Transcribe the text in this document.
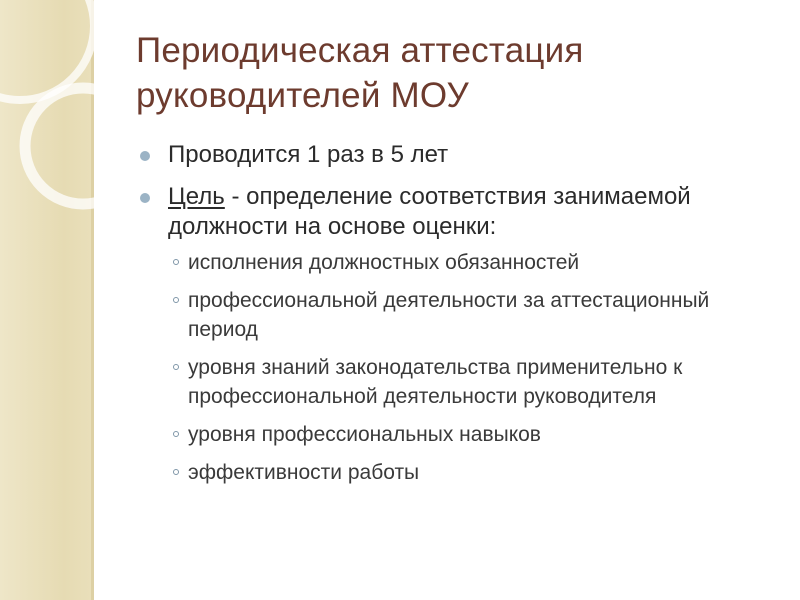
Периодическая аттестация
руководителей МОУ

Проводится 1 раз в 5 лет

Цель - определение соответствия занимаемой должности на основе оценки:

исполнения должностных обязанностей
профессиональной деятельности за аттестационный период
уровня знаний законодательства применительно к профессиональной деятельности руководителя
уровня профессиональных навыков
эффективности работы
